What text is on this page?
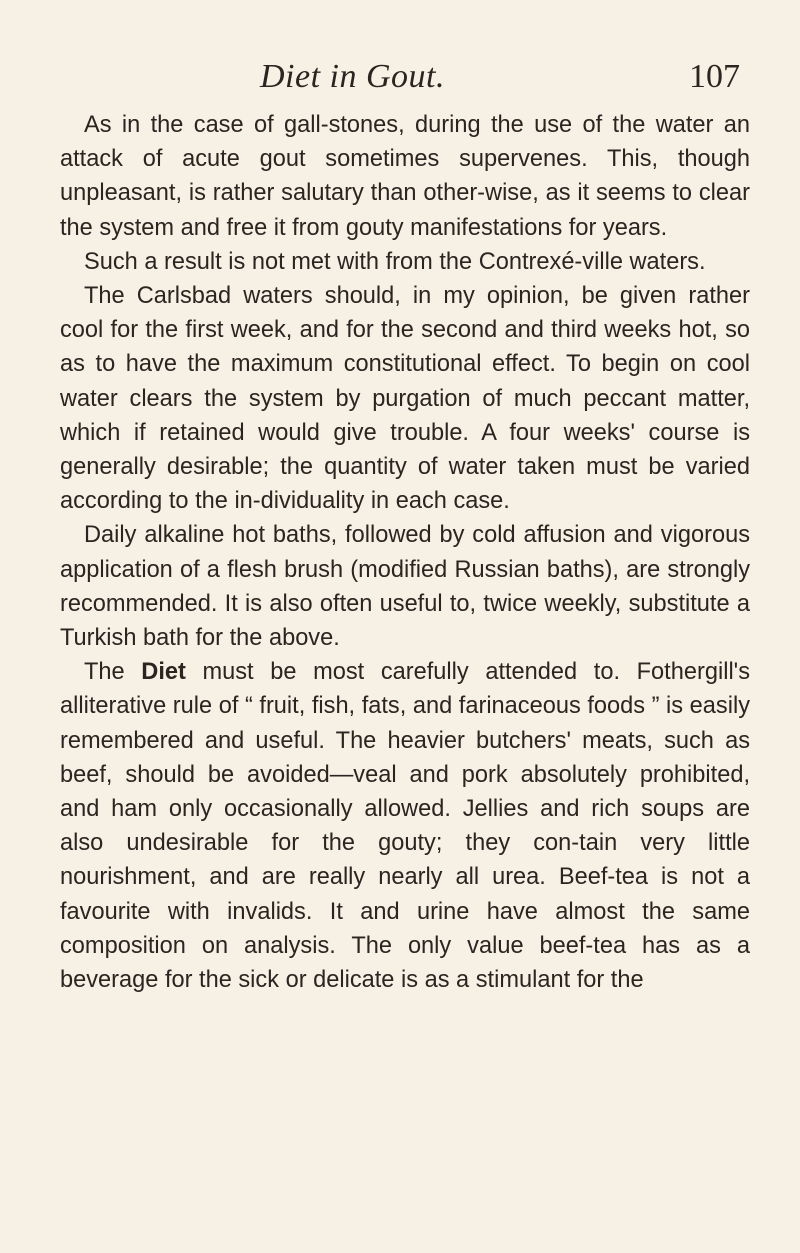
Diet in Gout.	107

As in the case of gall-stones, during the use of the water an attack of acute gout sometimes supervenes. This, though unpleasant, is rather salutary than other-wise, as it seems to clear the system and free it from gouty manifestations for years.

Such a result is not met with from the Contrexé-ville waters.

The Carlsbad waters should, in my opinion, be given rather cool for the first week, and for the second and third weeks hot, so as to have the maximum constitutional effect. To begin on cool water clears the system by purgation of much peccant matter, which if retained would give trouble. A four weeks' course is generally desirable; the quantity of water taken must be varied according to the in-dividuality in each case.

Daily alkaline hot baths, followed by cold affusion and vigorous application of a flesh brush (modified Russian baths), are strongly recommended. It is also often useful to, twice weekly, substitute a Turkish bath for the above.

The Diet must be most carefully attended to. Fothergill's alliterative rule of “ fruit, fish, fats, and farinaceous foods ” is easily remembered and useful. The heavier butchers' meats, such as beef, should be avoided—veal and pork absolutely prohibited, and ham only occasionally allowed. Jellies and rich soups are also undesirable for the gouty; they con-tain very little nourishment, and are really nearly all urea. Beef-tea is not a favourite with invalids. It and urine have almost the same composition on analysis. The only value beef-tea has as a beverage for the sick or delicate is as a stimulant for the
